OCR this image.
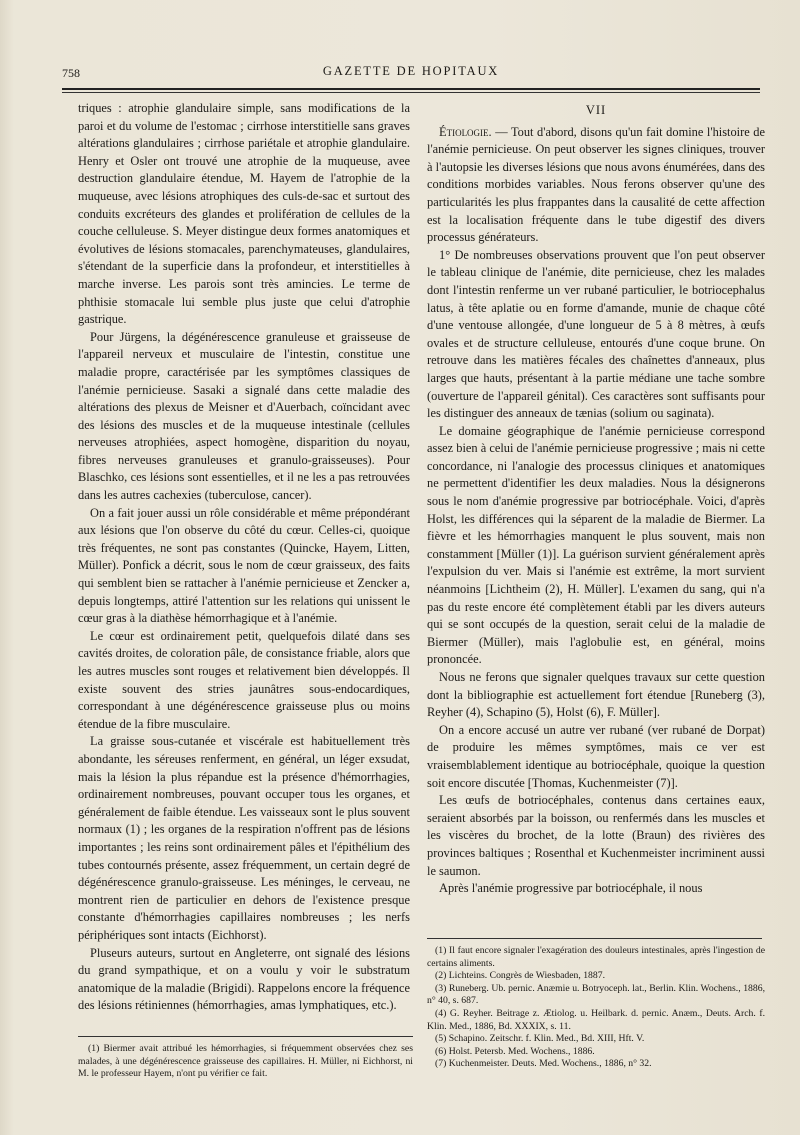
758	GAZETTE DE HOPITAUX

triques : atrophie glandulaire simple, sans modifications de la paroi et du volume de l'estomac ; cirrhose interstitielle sans graves altérations glandulaires ; cirrhose pariétale et atrophie glandulaire. Henry et Osler ont trouvé une atrophie de la muqueuse, avee destruction glandulaire étendue, M. Hayem de l'atrophie de la muqueuse, avec lésions atrophiques des culs-de-sac et surtout des conduits excréteurs des glandes et prolifération de cellules de la couche celluleuse. S. Meyer distingue deux formes anatomiques et évolutives de lésions stomacales, parenchymateuses, glandulaires, s'étendant de la superficie dans la profondeur, et interstitielles à marche inverse. Les parois sont très amincies. Le terme de phthisie stomacale lui semble plus juste que celui d'atrophie gastrique.

Pour Jürgens, la dégénérescence granuleuse et graisseuse de l'appareil nerveux et musculaire de l'intestin, constitue une maladie propre, caractérisée par les symptômes classiques de l'anémie pernicieuse. Sasaki a signalé dans cette maladie des altérations des plexus de Meisner et d'Auerbach, coïncidant avec des lésions des muscles et de la muqueuse intestinale (cellules nerveuses atrophiées, aspect homogène, disparition du noyau, fibres nerveuses granuleuses et granulo-graisseuses). Pour Blaschko, ces lésions sont essentielles, et il ne les a pas retrouvées dans les autres cachexies (tuberculose, cancer).

On a fait jouer aussi un rôle considérable et même prépondérant aux lésions que l'on observe du côté du cœur. Celles-ci, quoique très fréquentes, ne sont pas constantes (Quincke, Hayem, Litten, Müller). Ponfick a décrit, sous le nom de cœur graisseux, des faits qui semblent bien se rattacher à l'anémie pernicieuse et Zencker a, depuis longtemps, attiré l'attention sur les relations qui unissent le cœur gras à la diathèse hémorrhagique et à l'anémie.

Le cœur est ordinairement petit, quelquefois dilaté dans ses cavités droites, de coloration pâle, de consistance friable, alors que les autres muscles sont rouges et relativement bien développés. Il existe souvent des stries jaunâtres sous-endocardiques, correspondant à une dégénérescence graisseuse plus ou moins étendue de la fibre musculaire.

La graisse sous-cutanée et viscérale est habituellement très abondante, les séreuses renferment, en général, un léger exsudat, mais la lésion la plus répandue est la présence d'hémorrhagies, ordinairement nombreuses, pouvant occuper tous les organes, et généralement de faible étendue. Les vaisseaux sont le plus souvent normaux (1) ; les organes de la respiration n'offrent pas de lésions importantes ; les reins sont ordinairement pâles et l'épithélium des tubes contournés présente, assez fréquemment, un certain degré de dégénérescence granulo-graisseuse. Les méninges, le cerveau, ne montrent rien de particulier en dehors de l'existence presque constante d'hémorrhagies capillaires nombreuses ; les nerfs périphériques sont intacts (Eichhorst).

Pluseurs auteurs, surtout en Angleterre, ont signalé des lésions du grand sympathique, et on a voulu y voir le substratum anatomique de la maladie (Brigidi). Rappelons encore la fréquence des lésions rétiniennes (hémorrhagies, amas lymphatiques, etc.).

(1) Biermer avait attribué les hémorrhagies, si fréquemment observées chez ses malades, à une dégénérescence graisseuse des capillaires. H. Müller, ni Eichhorst, ni M. le professeur Hayem, n'ont pu vérifier ce fait.

VII

Étiologie. — Tout d'abord, disons qu'un fait domine l'histoire de l'anémie pernicieuse. On peut observer les signes cliniques, trouver à l'autopsie les diverses lésions que nous avons énumérées, dans des conditions morbides variables. Nous ferons observer qu'une des particularités les plus frappantes dans la causalité de cette affection est la localisation fréquente dans le tube digestif des divers processus générateurs.

1° De nombreuses observations prouvent que l'on peut observer le tableau clinique de l'anémie, dite pernicieuse, chez les malades dont l'intestin renferme un ver rubané particulier, le botriocephalus latus, à tête aplatie ou en forme d'amande, munie de chaque côté d'une ventouse allongée, d'une longueur de 5 à 8 mètres, à œufs ovales et de structure celluleuse, entourés d'une coque brune. On retrouve dans les matières fécales des chaînettes d'anneaux, plus larges que hauts, présentant à la partie médiane une tache sombre (ouverture de l'appareil génital). Ces caractères sont suffisants pour les distinguer des anneaux de tænias (solium ou saginata).

Le domaine géographique de l'anémie pernicieuse correspond assez bien à celui de l'anémie pernicieuse progressive ; mais ni cette concordance, ni l'analogie des processus cliniques et anatomiques ne permettent d'identifier les deux maladies. Nous la désignerons sous le nom d'anémie progressive par botriocéphale. Voici, d'après Holst, les différences qui la séparent de la maladie de Biermer. La fièvre et les hémorrhagies manquent le plus souvent, mais non constamment [Müller (1)]. La guérison survient généralement après l'expulsion du ver. Mais si l'anémie est extrême, la mort survient néanmoins [Lichtheim (2), H. Müller]. L'examen du sang, qui n'a pas du reste encore été complètement établi par les divers auteurs qui se sont occupés de la question, serait celui de la maladie de Biermer (Müller), mais l'aglobulie est, en général, moins prononcée.

Nous ne ferons que signaler quelques travaux sur cette question dont la bibliographie est actuellement fort étendue [Runeberg (3), Reyher (4), Schapino (5), Holst (6), F. Müller].

On a encore accusé un autre ver rubané (ver rubané de Dorpat) de produire les mêmes symptômes, mais ce ver est vraisemblablement identique au botriocéphale, quoique la question soit encore discutée [Thomas, Kuchenmeister (7)].

Les œufs de botriocéphales, contenus dans certaines eaux, seraient absorbés par la boisson, ou renfermés dans les muscles et les viscères du brochet, de la lotte (Braun) des rivières des provinces baltiques ; Rosenthal et Kuchenmeister incriminent aussi le saumon.

Après l'anémie progressive par botriocéphale, il nous

(1) Il faut encore signaler l'exagération des douleurs intestinales, après l'ingestion de certains aliments.

(2) Lichteins. Congrès de Wiesbaden, 1887.

(3) Runeberg. Ub. pernic. Anæmie u. Botryoceph. lat., Berlin. Klin. Wochens., 1886, n° 40, s. 687.

(4) G. Reyher. Beitrage z. Ætiolog. u. Heilbark. d. pernic. Anæm., Deuts. Arch. f. Klin. Med., 1886, Bd. XXXIX, s. 11.

(5) Schapino. Zeitschr. f. Klin. Med., Bd. XIII, Hft. V.

(6) Holst. Petersb. Med. Wochens., 1886.

(7) Kuchenmeister. Deuts. Med. Wochens., 1886, n° 32.
